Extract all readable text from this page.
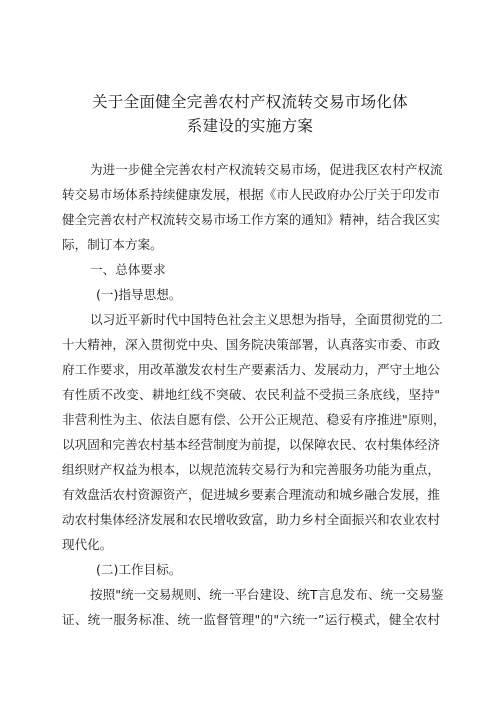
关于全面健全完善农村产权流转交易市场化体
系建设的实施方案

为进一步健全完善农村产权流转交易市场，促进我区农村产权流

转交易市场体系持续健康发展，根据《市人民政府办公厅关于印发市

健全完善农村产权流转交易市场工作方案的通知》精神，结合我区实

际，制订本方案。

一、总体要求

(一)指导思想。

以习近平新时代中国特色社会主义思想为指导，全面贯彻党的二

十大精神，深入贯彻党中央、国务院决策部署，认真落实市委、市政

府工作要求，用改革激发农村生产要素活力、发展动力，严守土地公

有性质不改变、耕地红线不突破、农民利益不受损三条底线，坚持"

非营利性为主、依法自愿有偿、公开公正规范、稳妥有序推进"原则，

以巩固和完善农村基本经营制度为前提，以保障农民、农村集体经济

组织财产权益为根本，以规范流转交易行为和完善服务功能为重点，

有效盘活农村资源资产，促进城乡要素合理流动和城乡融合发展，推

动农村集体经济发展和农民增收致富，助力乡村全面振兴和农业农村

现代化。

(二)工作目标。

按照"统一交易规则、统一平台建设、统T言息发布、统一交易鉴

证、统一服务标准、统一监督管理"的"六统一”运行模式，健全农村
